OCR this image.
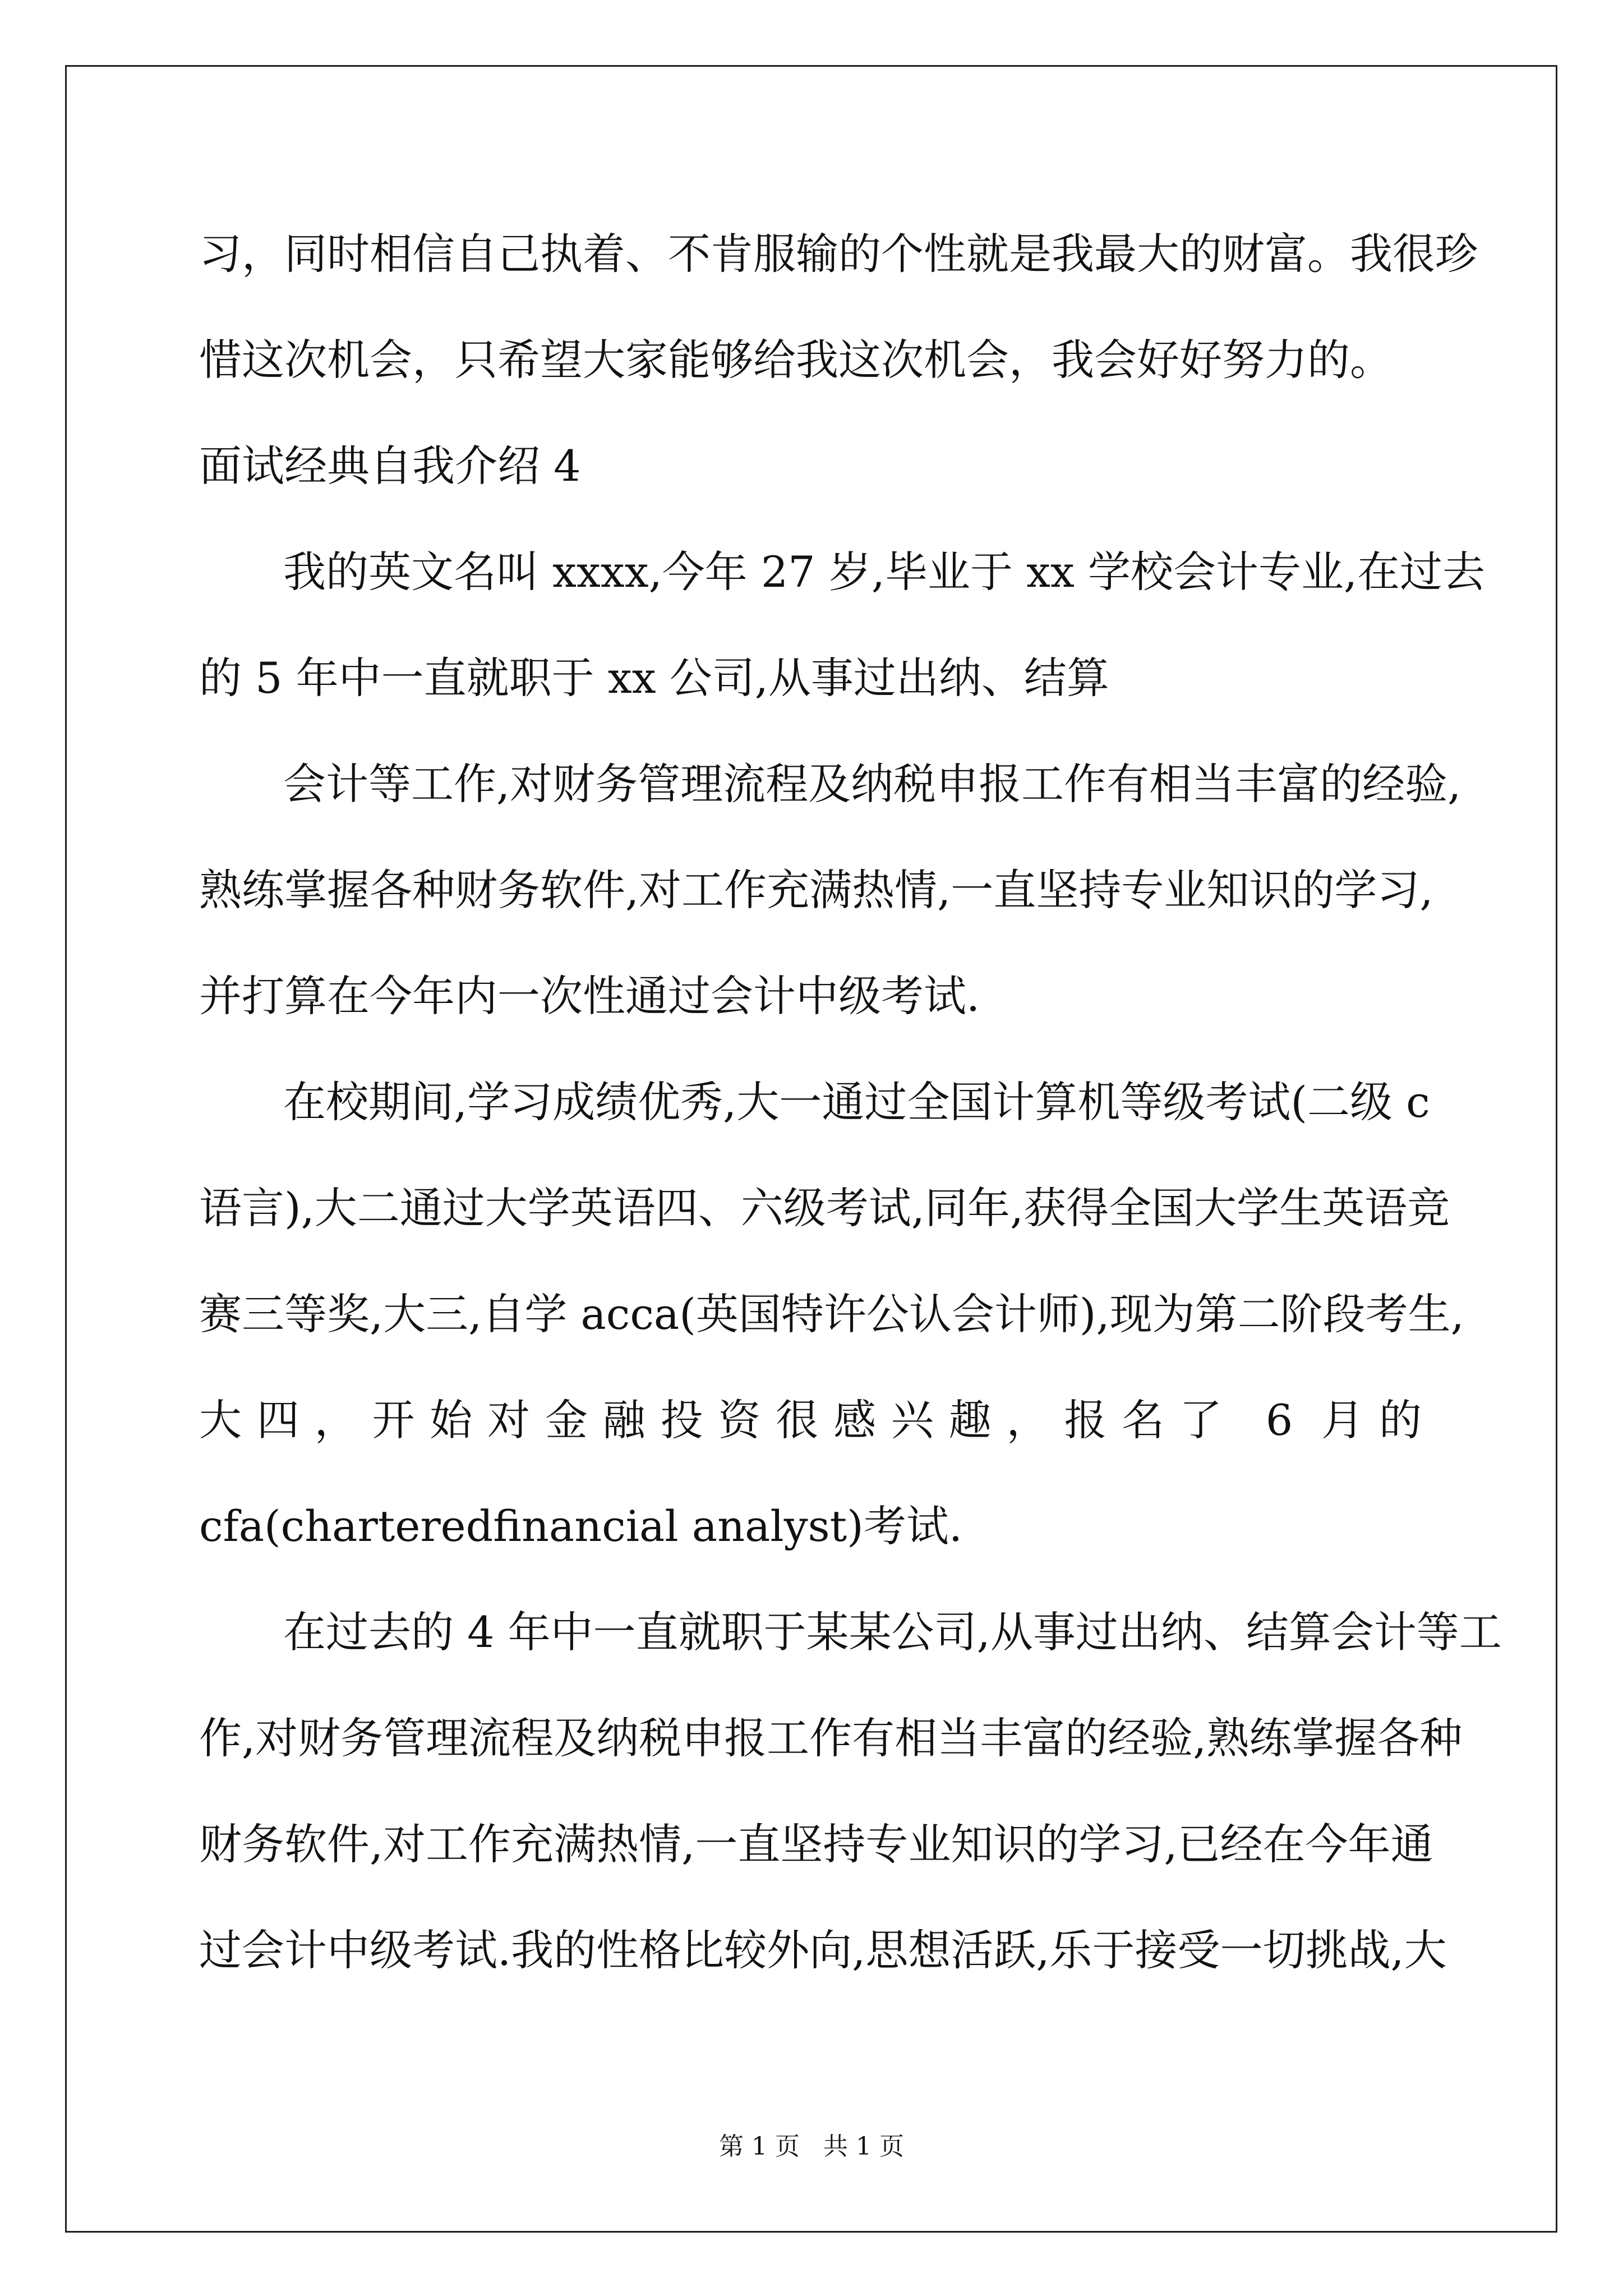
习，同时相信自己执着、不肯服输的个性就是我最大的财富。我很珍
惜这次机会，只希望大家能够给我这次机会，我会好好努力的。
面试经典自我介绍 4
我的英文名叫 xxxx,今年 27 岁,毕业于 xx 学校会计专业,在过去
的 5 年中一直就职于 xx 公司,从事过出纳、结算
会计等工作,对财务管理流程及纳税申报工作有相当丰富的经验,
熟练掌握各种财务软件,对工作充满热情,一直坚持专业知识的学习,
并打算在今年内一次性通过会计中级考试.
在校期间,学习成绩优秀,大一通过全国计算机等级考试(二级 c
语言),大二通过大学英语四、六级考试,同年,获得全国大学生英语竞
赛三等奖,大三,自学 acca(英国特许公认会计师),现为第二阶段考生,
大四，开始对金融投资很感兴趣，报名了 6 月的
cfa(charteredfinancial analyst)考试.
在过去的 4 年中一直就职于某某公司,从事过出纳、结算会计等工
作,对财务管理流程及纳税申报工作有相当丰富的经验,熟练掌握各种
财务软件,对工作充满热情,一直坚持专业知识的学习,已经在今年通
过会计中级考试.我的性格比较外向,思想活跃,乐于接受一切挑战,大
第 1 页   共 1 页
